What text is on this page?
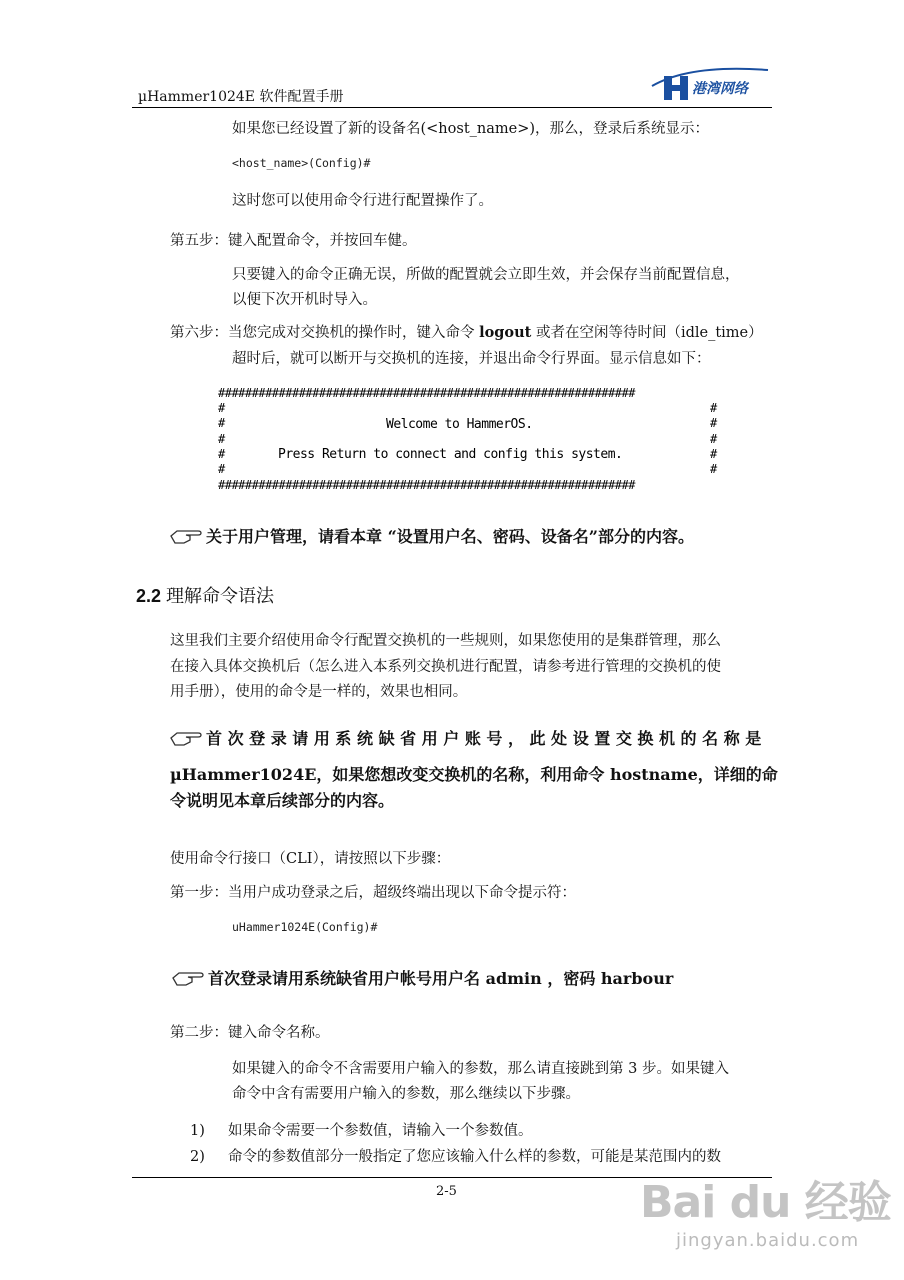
µHammer1024E 软件配置手册	港湾网络
如果您已经设置了新的设备名(<host_name>)，那么，登录后系统显示：
<host_name>(Config)#
这时您可以使用命令行进行配置操作了。
第五步：键入配置命令，并按回车健。
只要键入的命令正确无误，所做的配置就会立即生效，并会保存当前配置信息，
以便下次开机时导入。
第六步：当您完成对交换机的操作时，键入命令 logout 或者在空闲等待时间（idle_time）
超时后，就可以断开与交换机的连接，并退出命令行界面。显示信息如下：
##############################################################
##############################################################
#
#
#
#
#
#
#
#
#
#
Welcome to HammerOS.
Press Return to connect and config this system.
关于用户管理，请看本章 “设置用户名、密码、设备名”部分的内容。
2.2 理解命令语法
这里我们主要介绍使用命令行配置交换机的一些规则，如果您使用的是集群管理，那么
在接入具体交换机后（怎么进入本系列交换机进行配置，请参考进行管理的交换机的使
用手册），使用的命令是一样的，效果也相同。
首 次 登 录 请 用 系 统 缺 省 用 户 账 号 ， 此 处 设 置 交 换 机 的 名 称 是
µHammer1024E，如果您想改变交换机的名称，利用命令 hostname，详细的命
令说明见本章后续部分的内容。
使用命令行接口（CLI），请按照以下步骤：
第一步：当用户成功登录之后，超级终端出现以下命令提示符：
uHammer1024E(Config)#
首次登录请用系统缺省用户帐号用户名 admin ，密码 harbour
第二步：键入命令名称。
如果键入的命令不含需要用户输入的参数，那么请直接跳到第 3 步。如果键入
命令中含有需要用户输入的参数，那么继续以下步骤。
1) 如果命令需要一个参数值，请输入一个参数值。
2) 命令的参数值部分一般指定了您应该输入什么样的参数，可能是某范围内的数
2-5	Bai du 经验
jingyan.baidu.com
